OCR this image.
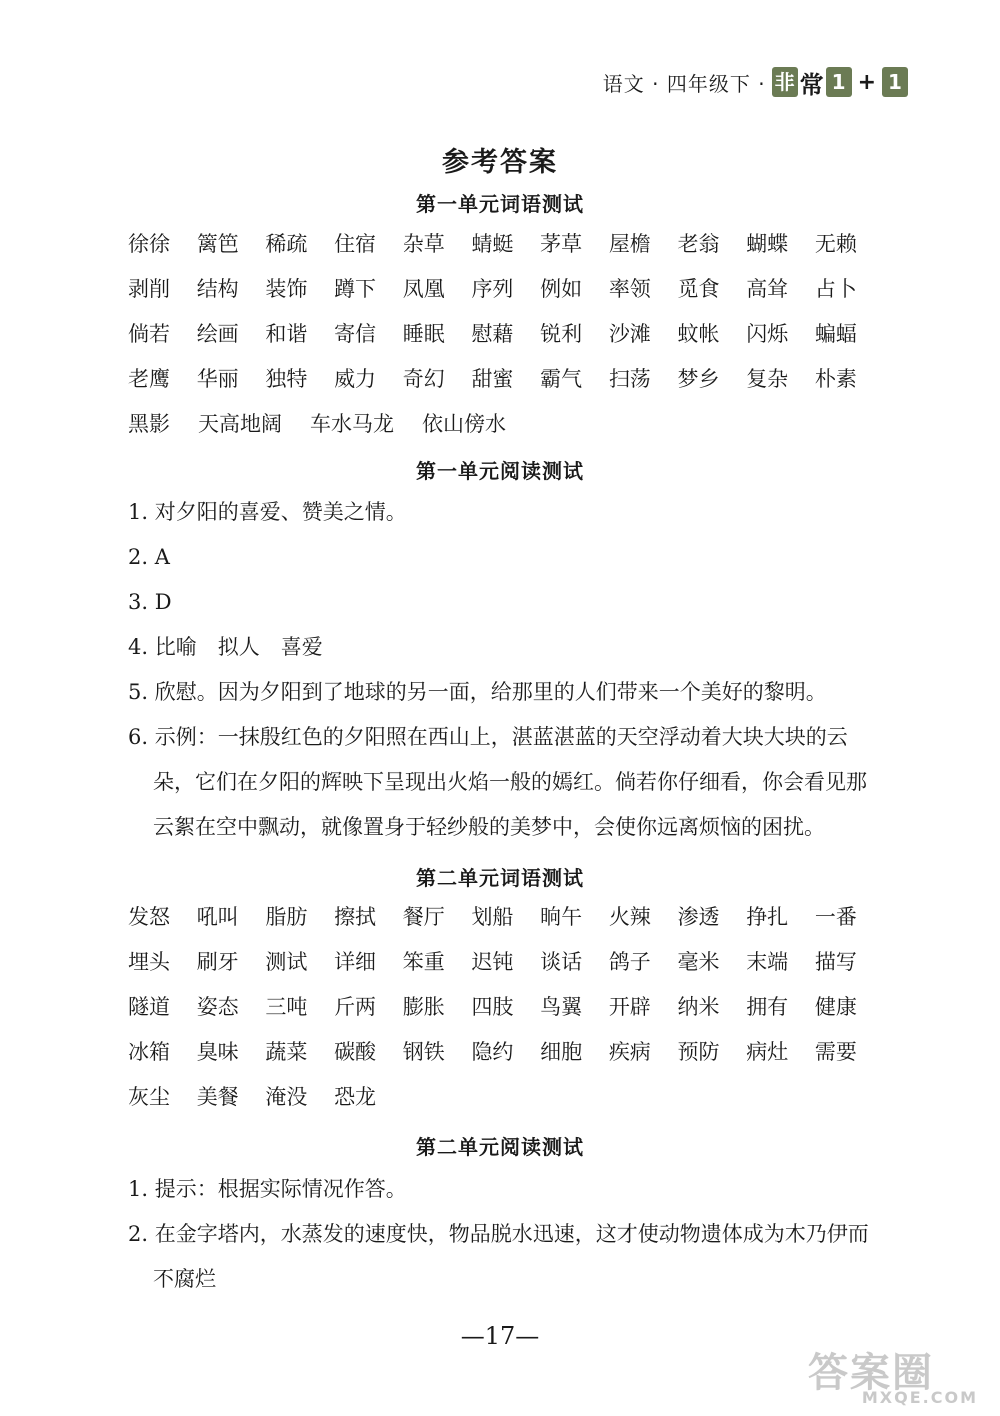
语文 · 四年级下 · 非 常 1 + 1
参考答案
第一单元词语测试
徐徐	篱笆	稀疏	住宿	杂草	蜻蜓	茅草	屋檐	老翁	蝴蝶	无赖
剥削	结构	装饰	蹲下	凤凰	序列	例如	率领	觅食	高耸	占卜
倘若	绘画	和谐	寄信	睡眠	慰藉	锐利	沙滩	蚊帐	闪烁	蝙蝠
老鹰	华丽	独特	威力	奇幻	甜蜜	霸气	扫荡	梦乡	复杂	朴素
黑影 天高地阔 车水马龙 依山傍水
第一单元阅读测试
1. 对夕阳的喜爱、赞美之情。
2. A
3. D
4. 比喻　拟人　喜爱
5. 欣慰。因为夕阳到了地球的另一面，给那里的人们带来一个美好的黎明。
6. 示例：一抹殷红色的夕阳照在西山上，湛蓝湛蓝的天空浮动着大块大块的云
朵，它们在夕阳的辉映下呈现出火焰一般的嫣红。倘若你仔细看，你会看见那
云絮在空中飘动，就像置身于轻纱般的美梦中，会使你远离烦恼的困扰。
第二单元词语测试
发怒	吼叫	脂肪	擦拭	餐厅	划船	晌午	火辣	渗透	挣扎	一番
埋头	刷牙	测试	详细	笨重	迟钝	谈话	鸽子	毫米	末端	描写
隧道	姿态	三吨	斤两	膨胀	四肢	鸟翼	开辟	纳米	拥有	健康
冰箱	臭味	蔬菜	碳酸	钢铁	隐约	细胞	疾病	预防	病灶	需要
灰尘	美餐	淹没	恐龙
第二单元阅读测试
1. 提示：根据实际情况作答。
2. 在金字塔内，水蒸发的速度快，物品脱水迅速，这才使动物遗体成为木乃伊而
不腐烂
—17—
答案圈
MXQE.COM
